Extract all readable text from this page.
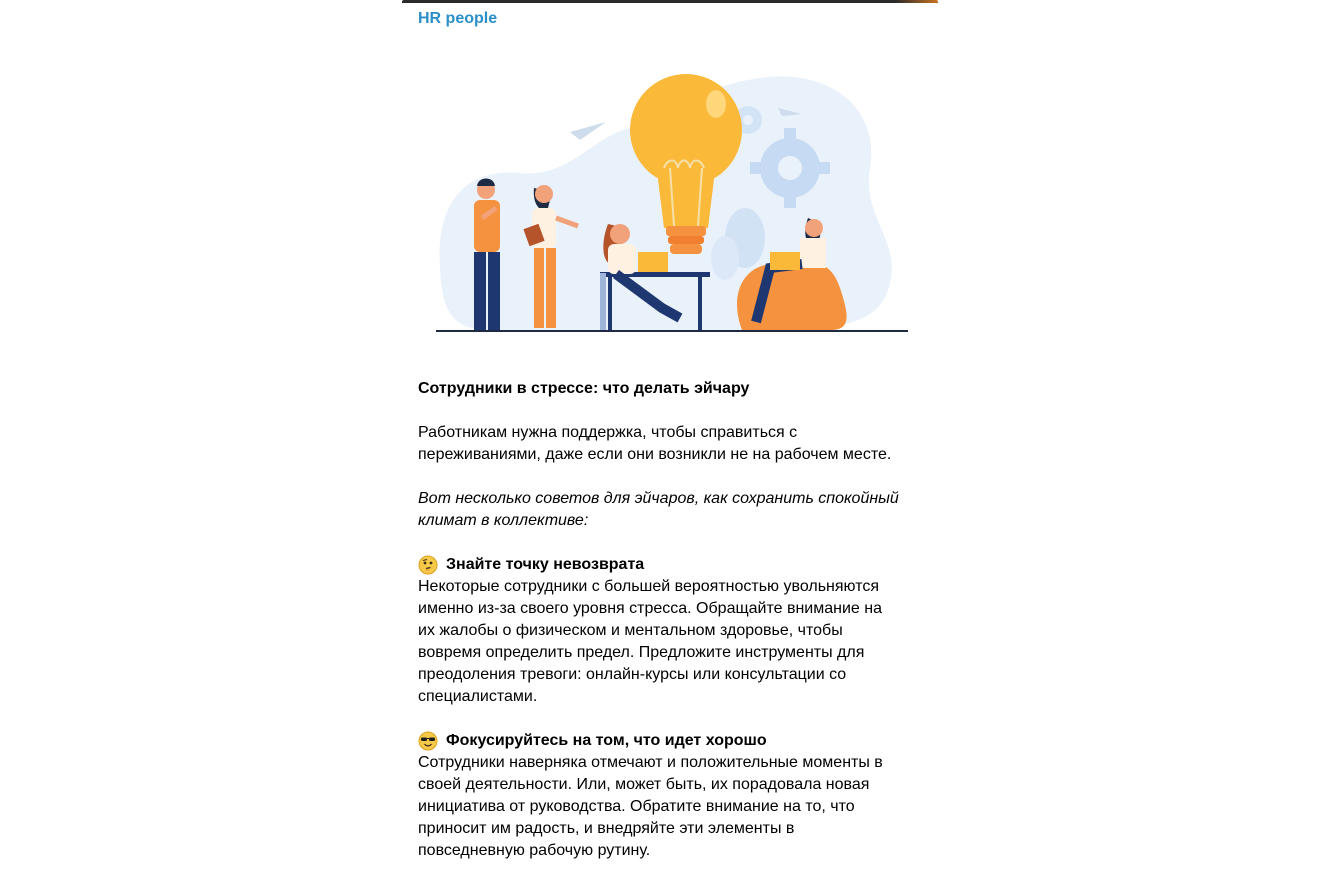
HR people

Сотрудники в стрессе: что делать эйчару

Работникам нужна поддержка, чтобы справиться с

переживаниями, даже если они возникли не на рабочем месте.

Вот несколько советов для эйчаров, как сохранить спокойный

климат в коллективе:

Знайте точку невозврата

Некоторые сотрудники с большей вероятностью увольняются

именно из-за своего уровня стресса. Обращайте внимание на

их жалобы о физическом и ментальном здоровье, чтобы

вовремя определить предел. Предложите инструменты для

преодоления тревоги: онлайн-курсы или консультации со

специалистами.

Фокусируйтесь на том, что идет хорошо

Сотрудники наверняка отмечают и положительные моменты в

своей деятельности. Или, может быть, их порадовала новая

инициатива от руководства. Обратите внимание на то, что

приносит им радость, и внедряйте эти элементы в

повседневную рабочую рутину.
